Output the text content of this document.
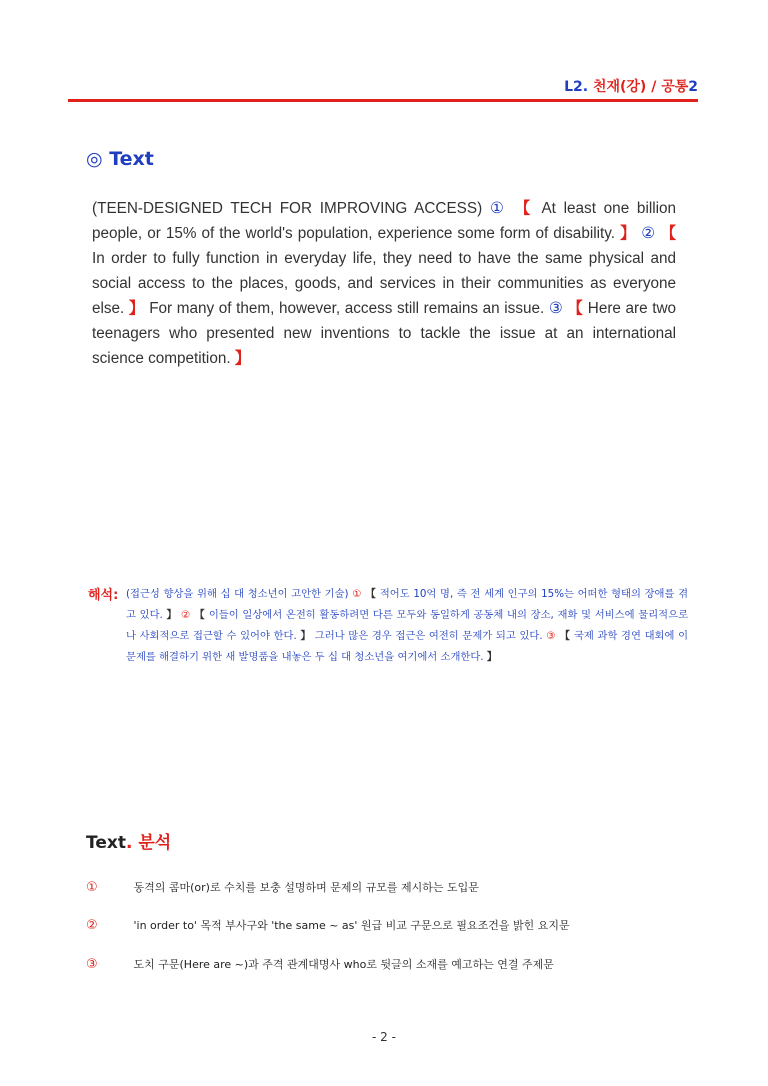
L2. 천재(강) / 공통2
◎ Text
(TEEN-DESIGNED TECH FOR IMPROVING ACCESS) ① 【 At least one billion people, or 15% of the world's population, experience some form of disability. 】 ② 【 In order to fully function in everyday life, they need to have the same physical and social access to the places, goods, and services in their communities as everyone else. 】 For many of them, however, access still remains an issue. ③ 【 Here are two teenagers who presented new inventions to tackle the issue at an international science competition. 】
해석: (접근성 향상을 위해 십 대 청소년이 고안한 기술) ① 【 적어도 10억 명, 즉 전 세계 인구의 15%는 어떠한 형태의 장애를 겪고 있다. 】 ② 【 이들이 일상에서 온전히 활동하려면 다른 모두와 동일하게 공동체 내의 장소, 재화 및 서비스에 물리적으로나 사회적으로 접근할 수 있어야 한다. 】 그러나 많은 경우 접근은 여전히 문제가 되고 있다. ③ 【 국제 과학 경연 대회에 이 문제를 해결하기 위한 새 발명품을 내놓은 두 십 대 청소년을 여기에서 소개한다. 】
Text. 분석
①	동격의 콤마(or)로 수치를 보충 설명하며 문제의 규모를 제시하는 도입문
②	'in order to' 목적 부사구와 'the same ~ as' 원급 비교 구문으로 필요조건을 밝힌 요지문
③	도치 구문(Here are ~)과 주격 관계대명사 who로 뒷글의 소재를 예고하는 연결 주제문
- 2 -
